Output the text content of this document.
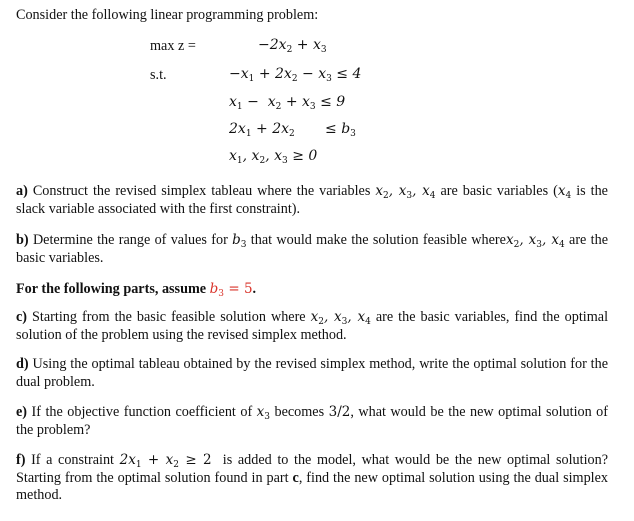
Consider the following linear programming problem:
max z =	$-2x_2 + x_3$
s.t.	$-x_1 + 2x_2 - x_3 \le 4$
$x_1 - x_2 + x_3 \le 9$
$2x_1 + 2x_2 \le b_3$
$x_1$, $x_2$, $x_3 \ge 0$
a) Construct the revised simplex tableau where the variables $x_2$, $x_3$, $x_4$ are basic variables ($x_4$ is the slack variable associated with the first constraint).
b) Determine the range of values for $b_3$ that would make the solution feasible wherex$_2$, $x_3$, $x_4$ are the basic variables.
For the following parts, assume $b_3 = 5$.
c) Starting from the basic feasible solution where $x_2$, $x_3$, $x_4$ are the basic variables, find the optimal solution of the problem using the revised simplex method.
d) Using the optimal tableau obtained by the revised simplex method, write the optimal solution for the dual problem.
e) If the objective function coefficient of $x_3$ becomes 3/2, what would be the new optimal solution of the problem?
f) If a constraint $2x_1 + x_2 \ge 2$  is added to the model, what would be the new optimal solution? Starting from the optimal solution found in part c, find the new optimal solution using the dual simplex method.
